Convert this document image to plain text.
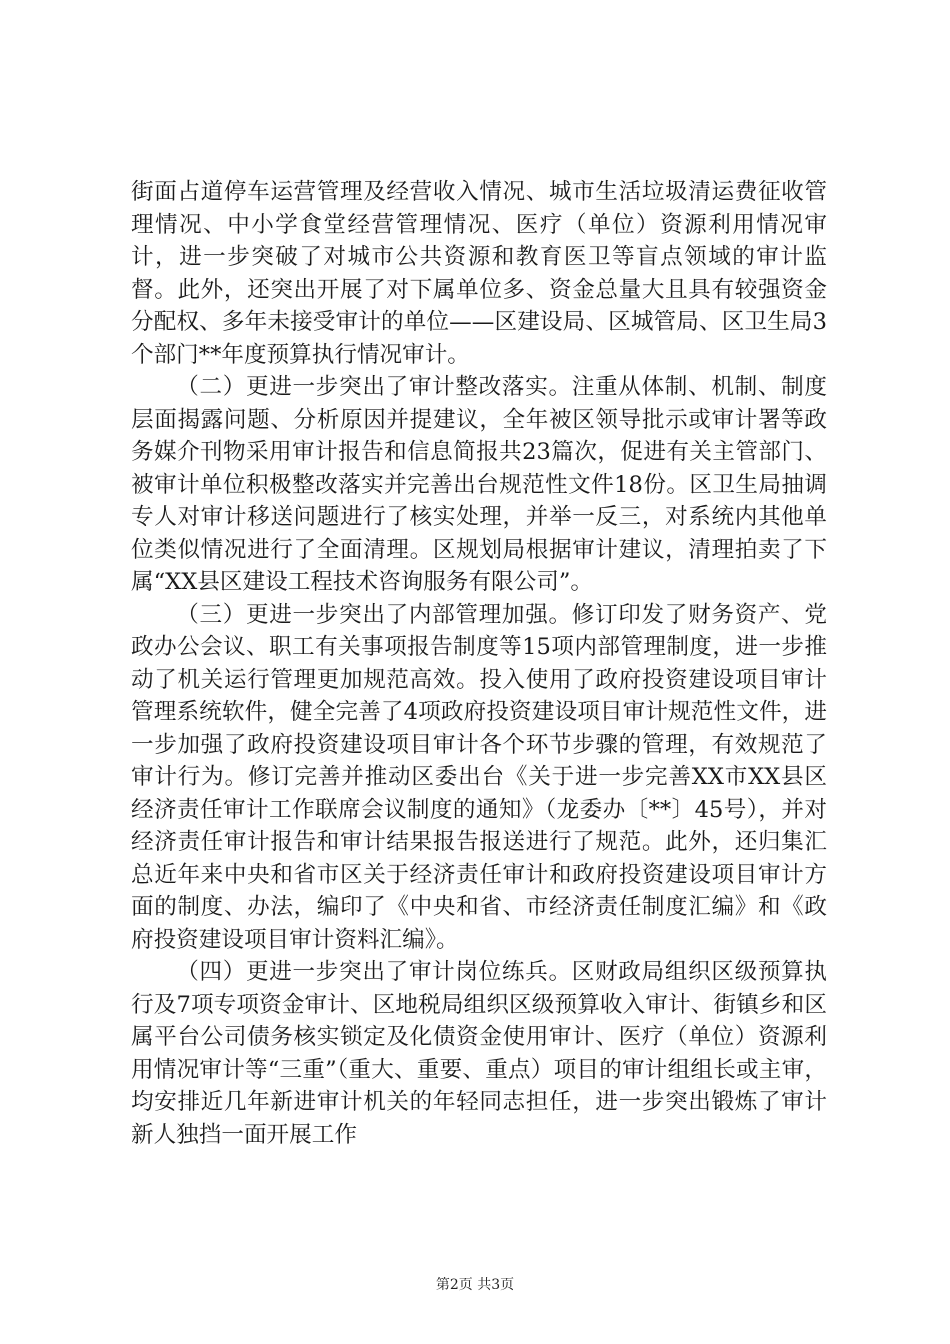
街面占道停车运营管理及经营收入情况、城市生活垃圾清运费征收管理情况、中小学食堂经营管理情况、医疗（单位）资源利用情况审计，进一步突破了对城市公共资源和教育医卫等盲点领域的审计监督。此外，还突出开展了对下属单位多、资金总量大且具有较强资金分配权、多年未接受审计的单位——区建设局、区城管局、区卫生局3个部门**年度预算执行情况审计。

（二）更进一步突出了审计整改落实。注重从体制、机制、制度层面揭露问题、分析原因并提建议，全年被区领导批示或审计署等政务媒介刊物采用审计报告和信息简报共23篇次，促进有关主管部门、被审计单位积极整改落实并完善出台规范性文件18份。区卫生局抽调专人对审计移送问题进行了核实处理，并举一反三，对系统内其他单位类似情况进行了全面清理。区规划局根据审计建议，清理拍卖了下属“XX县区建设工程技术咨询服务有限公司”。

（三）更进一步突出了内部管理加强。修订印发了财务资产、党政办公会议、职工有关事项报告制度等15项内部管理制度，进一步推动了机关运行管理更加规范高效。投入使用了政府投资建设项目审计管理系统软件，健全完善了4项政府投资建设项目审计规范性文件，进一步加强了政府投资建设项目审计各个环节步骤的管理，有效规范了审计行为。修订完善并推动区委出台《关于进一步完善XX市XX县区经济责任审计工作联席会议制度的通知》（龙委办〔**〕45号），并对经济责任审计报告和审计结果报告报送进行了规范。此外，还归集汇总近年来中央和省市区关于经济责任审计和政府投资建设项目审计方面的制度、办法，编印了《中央和省、市经济责任制度汇编》和《政府投资建设项目审计资料汇编》。

（四）更进一步突出了审计岗位练兵。区财政局组织区级预算执行及7项专项资金审计、区地税局组织区级预算收入审计、街镇乡和区属平台公司债务核实锁定及化债资金使用审计、医疗（单位）资源利用情况审计等“三重”（重大、重要、重点）项目的审计组组长或主审，均安排近几年新进审计机关的年轻同志担任，进一步突出锻炼了审计新人独挡一面开展工作

第2页 共3页
